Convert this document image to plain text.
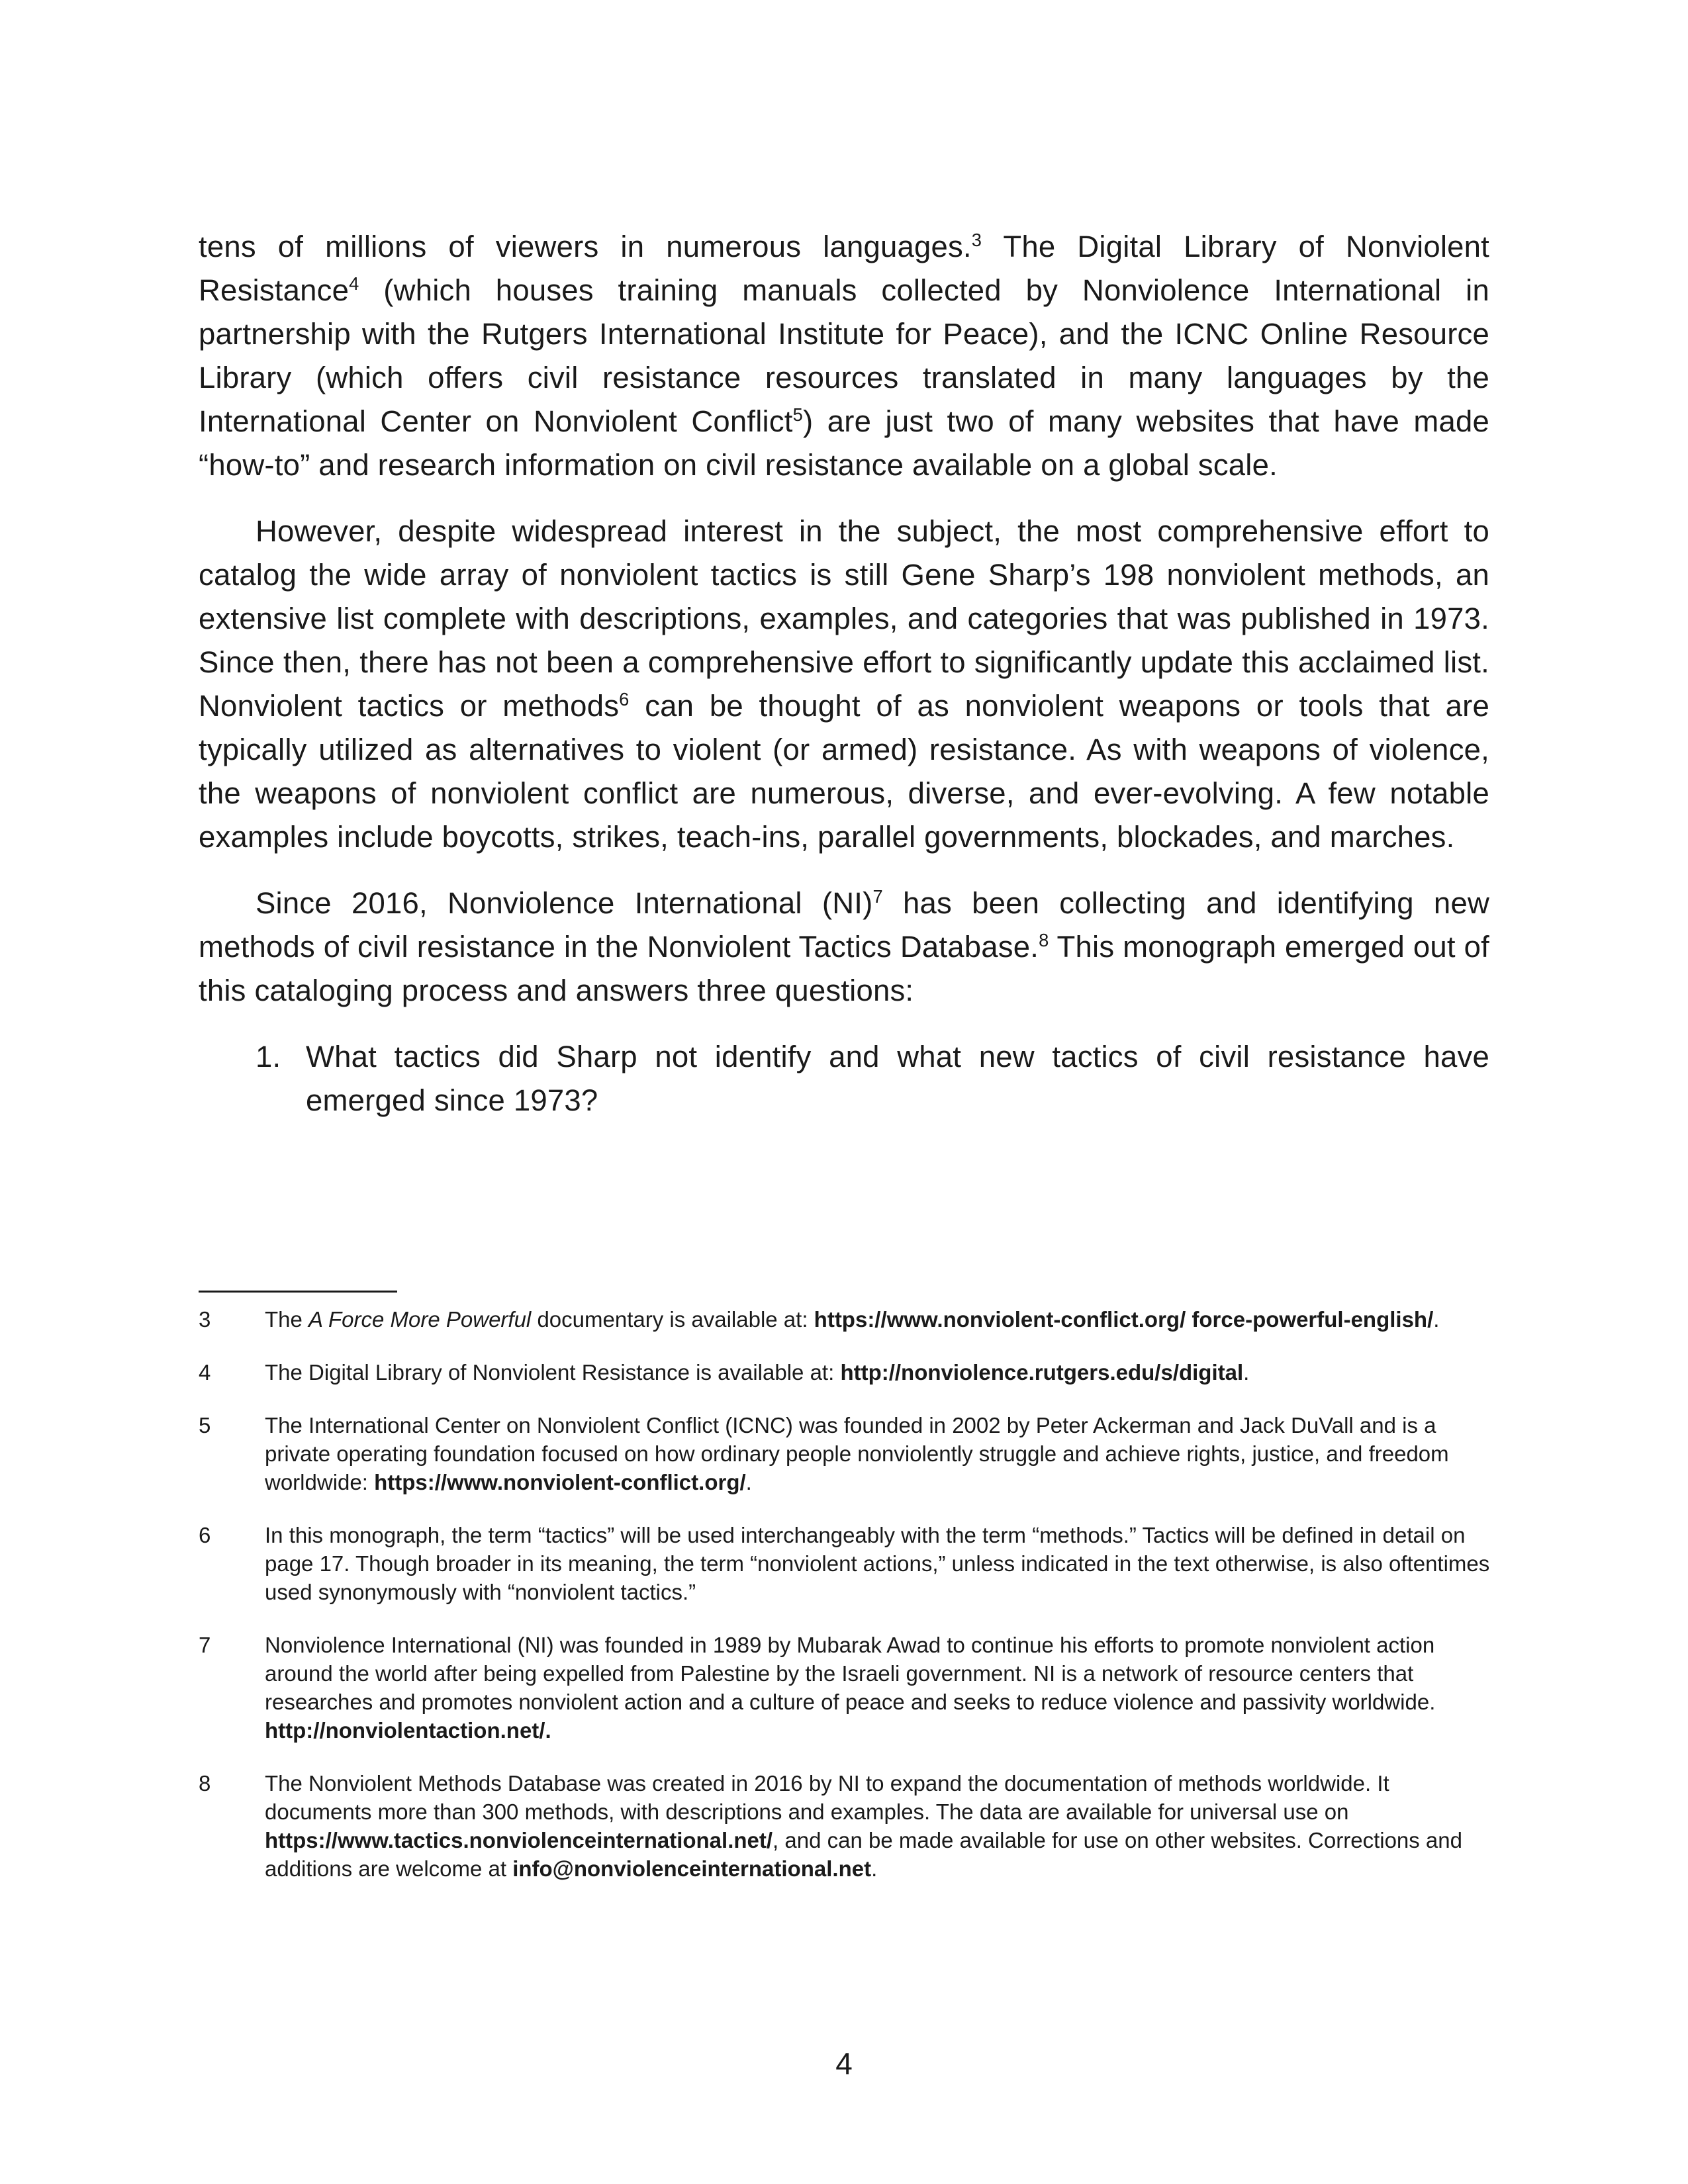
tens of millions of viewers in numerous languages.$^3$ The Digital Library of Nonviolent Resistance$^4$ (which houses training manuals collected by Nonviolence International in partnership with the Rutgers International Institute for Peace), and the ICNC Online Resource Library (which offers civil resistance resources translated in many languages by the International Center on Nonviolent Conflict$^5$) are just two of many websites that have made “how-to” and research information on civil resistance available on a global scale.

However, despite widespread interest in the subject, the most comprehensive effort to catalog the wide array of nonviolent tactics is still Gene Sharp’s 198 nonviolent methods, an extensive list complete with descriptions, examples, and categories that was published in 1973. Since then, there has not been a comprehensive effort to significantly update this acclaimed list. Nonviolent tactics or methods$^6$ can be thought of as nonviolent weapons or tools that are typically utilized as alternatives to violent (or armed) resistance. As with weapons of violence, the weapons of nonviolent conflict are numerous, diverse, and ever-evolving. A few notable examples include boycotts, strikes, teach-ins, parallel governments, blockades, and marches.

Since 2016, Nonviolence International (NI)$^7$ has been collecting and identifying new methods of civil resistance in the Nonviolent Tactics Database.$^8$ This monograph emerged out of this cataloging process and answers three questions:

1. What tactics did Sharp not identify and what new tactics of civil resistance have emerged since 1973?
3 The A Force More Powerful documentary is available at: https://www.nonviolent-conflict.org/ force-powerful-english/.
4 The Digital Library of Nonviolent Resistance is available at: http://nonviolence.rutgers.edu/s/digital.
5 The International Center on Nonviolent Conflict (ICNC) was founded in 2002 by Peter Ackerman and Jack DuVall and is a private operating foundation focused on how ordinary people nonviolently struggle and achieve rights, justice, and freedom worldwide: https://www.nonviolent-conflict.org/.
6 In this monograph, the term “tactics” will be used interchangeably with the term “methods.” Tactics will be defined in detail on page 17. Though broader in its meaning, the term “nonviolent actions,” unless indicated in the text otherwise, is also oftentimes used synonymously with “nonviolent tactics.”
7 Nonviolence International (NI) was founded in 1989 by Mubarak Awad to continue his efforts to promote nonviolent action around the world after being expelled from Palestine by the Israeli government. NI is a network of resource centers that researches and promotes nonviolent action and a culture of peace and seeks to reduce violence and passivity worldwide. http://nonviolentaction.net/.
8 The Nonviolent Methods Database was created in 2016 by NI to expand the documentation of methods worldwide. It documents more than 300 methods, with descriptions and examples. The data are available for universal use on https://www.tactics.nonviolenceinternational.net/, and can be made available for use on other websites. Corrections and additions are welcome at info@nonviolenceinternational.net.
4
